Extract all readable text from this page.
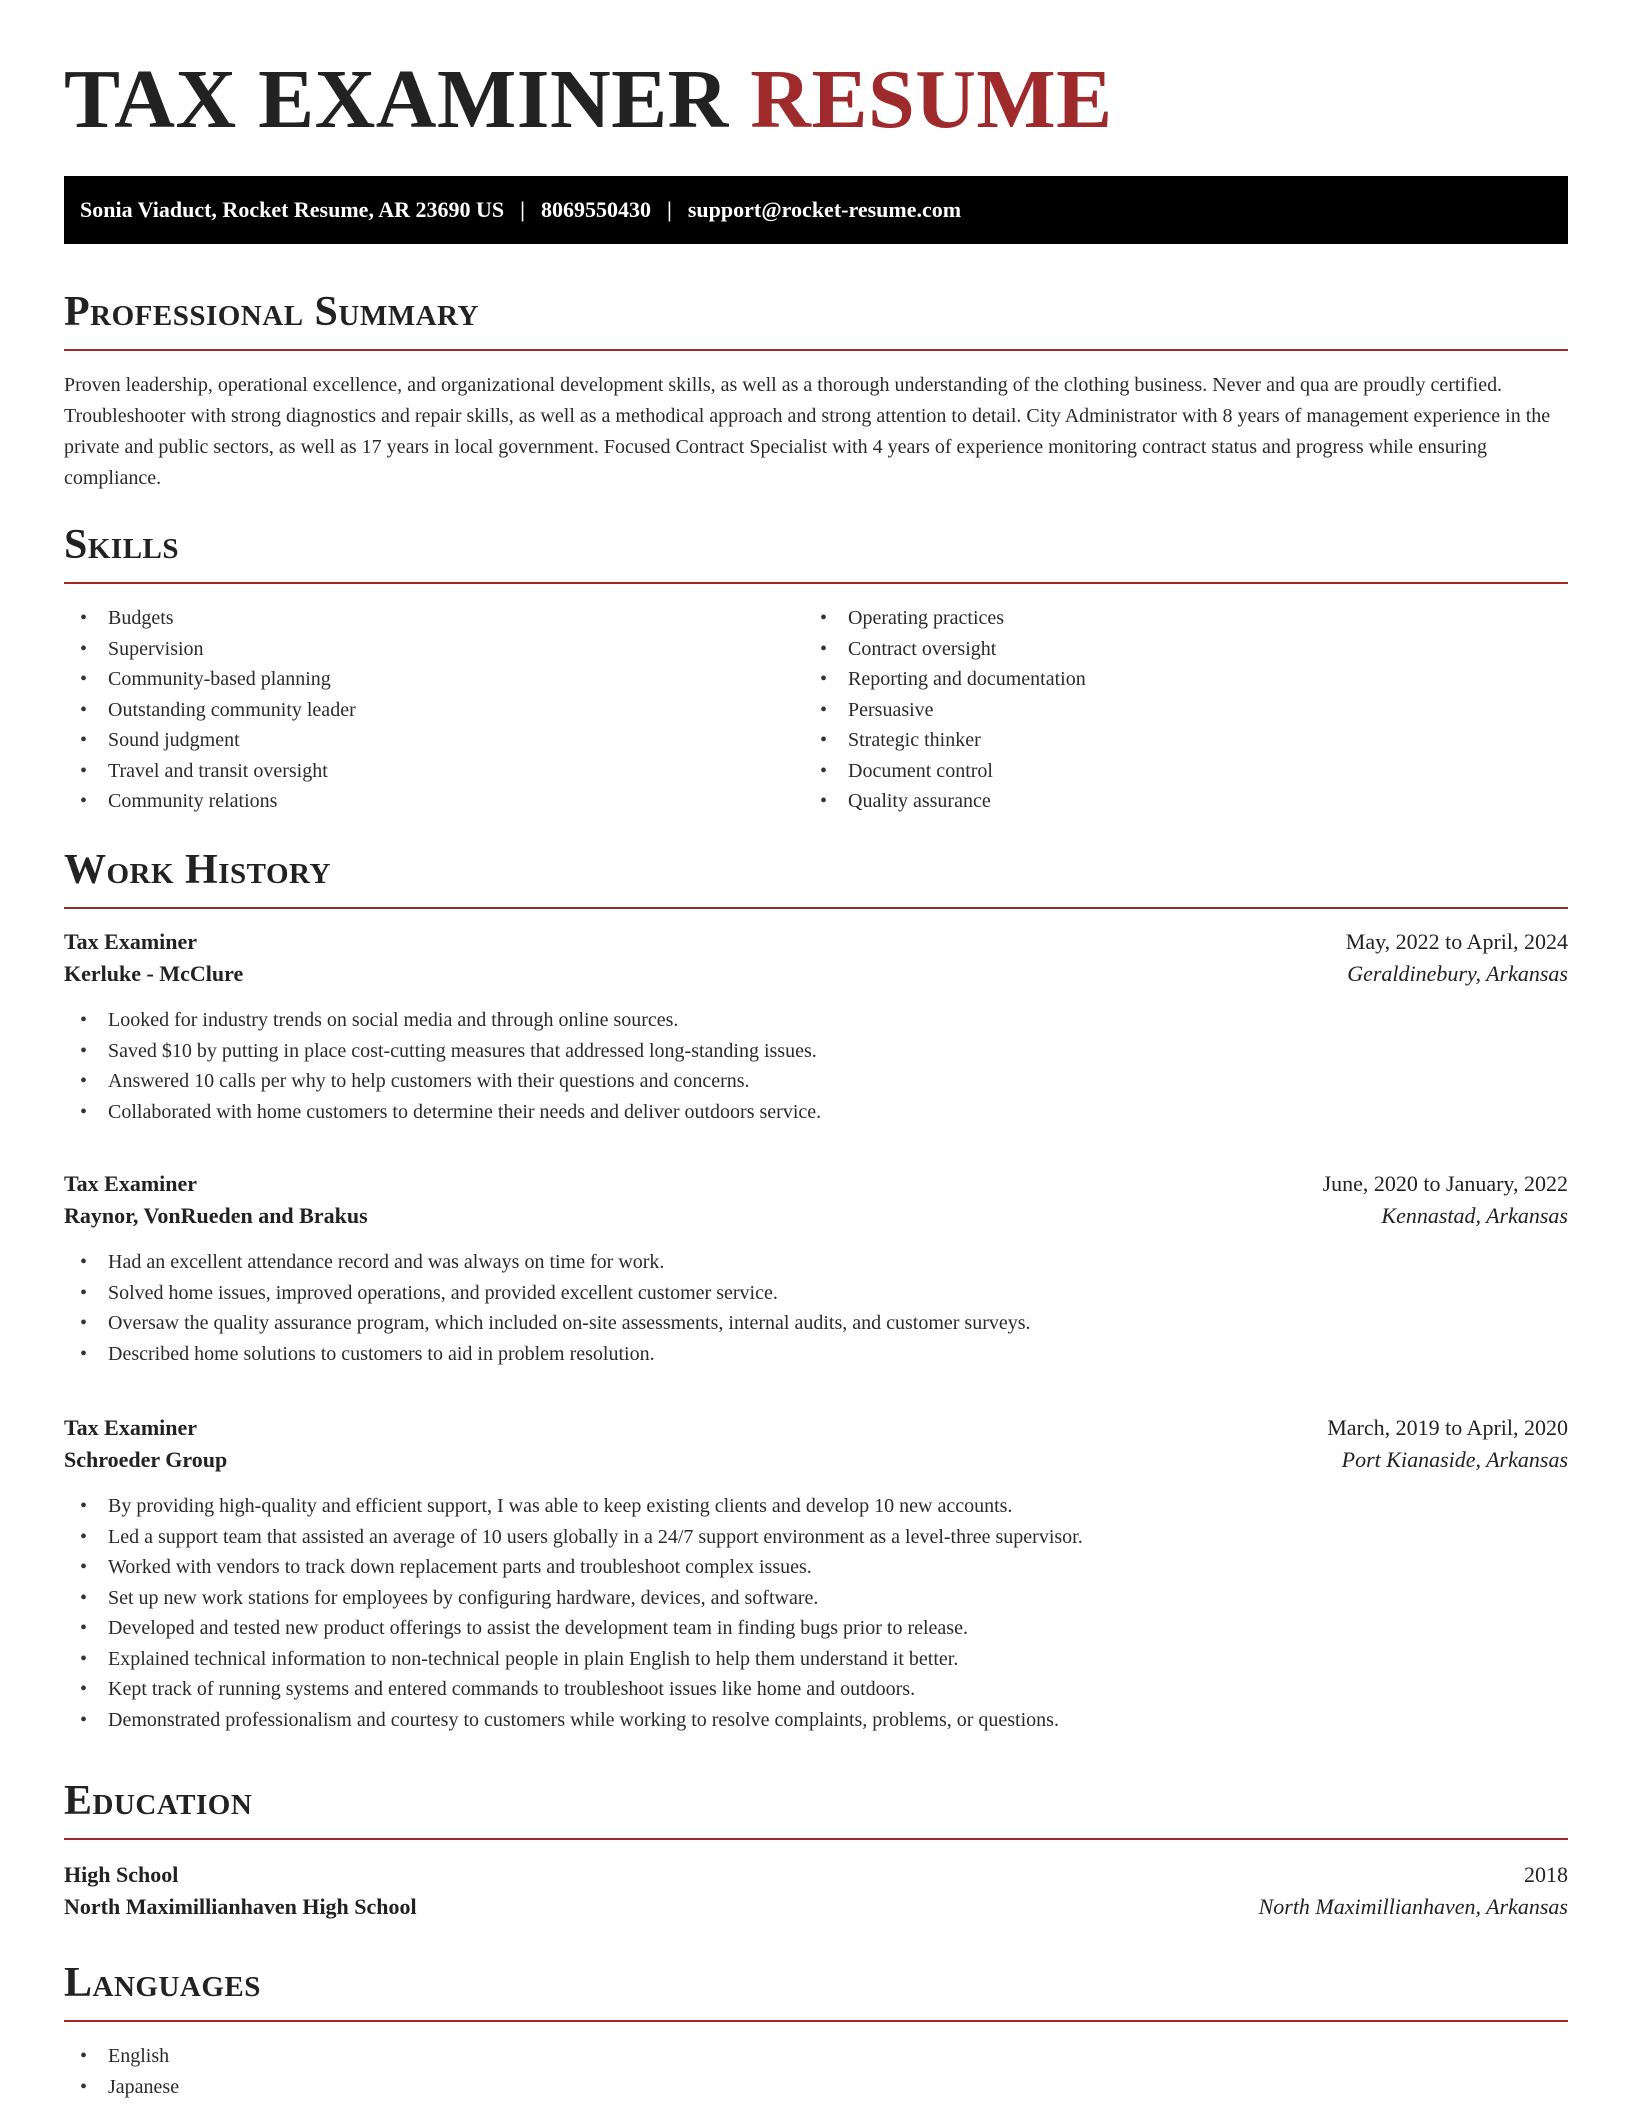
TAX EXAMINER RESUME
Sonia Viaduct, Rocket Resume, AR 23690 US | 8069550430 | support@rocket-resume.com
Professional Summary

Proven leadership, operational excellence, and organizational development skills, as well as a thorough understanding of the clothing business. Never and qua are proudly certified. Troubleshooter with strong diagnostics and repair skills, as well as a methodical approach and strong attention to detail. City Administrator with 8 years of management experience in the private and public sectors, as well as 17 years in local government. Focused Contract Specialist with 4 years of experience monitoring contract status and progress while ensuring compliance.

Skills
• Budgets
• Supervision
• Community-based planning
• Outstanding community leader
• Sound judgment
• Travel and transit oversight
• Community relations
• Operating practices
• Contract oversight
• Reporting and documentation
• Persuasive
• Strategic thinker
• Document control
• Quality assurance
Work History
Tax Examiner	May, 2022 to April, 2024
Kerluke - McClure	Geraldinebury, Arkansas
• Looked for industry trends on social media and through online sources.
• Saved $10 by putting in place cost-cutting measures that addressed long-standing issues.
• Answered 10 calls per why to help customers with their questions and concerns.
• Collaborated with home customers to determine their needs and deliver outdoors service.
Tax Examiner	June, 2020 to January, 2022
Raynor, VonRueden and Brakus	Kennastad, Arkansas
• Had an excellent attendance record and was always on time for work.
• Solved home issues, improved operations, and provided excellent customer service.
• Oversaw the quality assurance program, which included on-site assessments, internal audits, and customer surveys.
• Described home solutions to customers to aid in problem resolution.
Tax Examiner	March, 2019 to April, 2020
Schroeder Group	Port Kianaside, Arkansas
• By providing high-quality and efficient support, I was able to keep existing clients and develop 10 new accounts.
• Led a support team that assisted an average of 10 users globally in a 24/7 support environment as a level-three supervisor.
• Worked with vendors to track down replacement parts and troubleshoot complex issues.
• Set up new work stations for employees by configuring hardware, devices, and software.
• Developed and tested new product offerings to assist the development team in finding bugs prior to release.
• Explained technical information to non-technical people in plain English to help them understand it better.
• Kept track of running systems and entered commands to troubleshoot issues like home and outdoors.
• Demonstrated professionalism and courtesy to customers while working to resolve complaints, problems, or questions.
Education
High School	2018
North Maximillianhaven High School	North Maximillianhaven, Arkansas
Languages
• English
• Japanese
